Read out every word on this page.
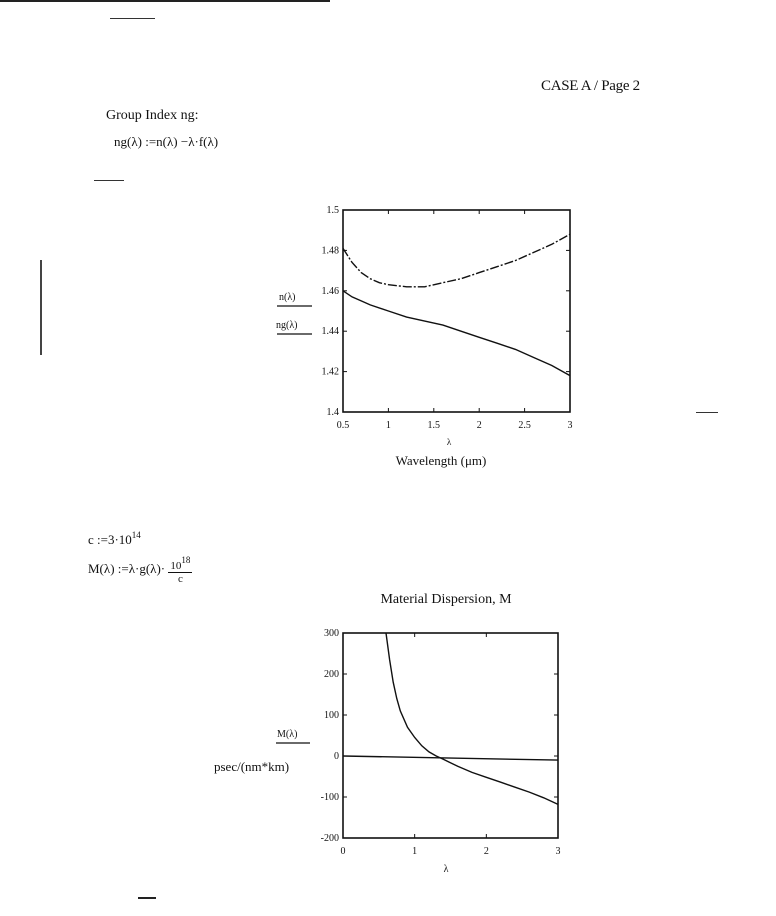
CASE A / Page 2
Group Index ng:
ng(λ) :=n(λ) −λ·f(λ)
1.4
1.42
1.44
1.46
1.48
1.5
0.5	1	1.5	2	2.5	3
-200
-100
0
100
200
300
0	1	2	3
λ
Wavelength (μm)
n(λ)
ng(λ)
Material Dispersion, M
λ
M(λ)
psec/(nm*km)
c $:=3\cdot 10^{14}$
M(λ) :=λ·g(λ)· $\frac{10^{18}}{c}$
